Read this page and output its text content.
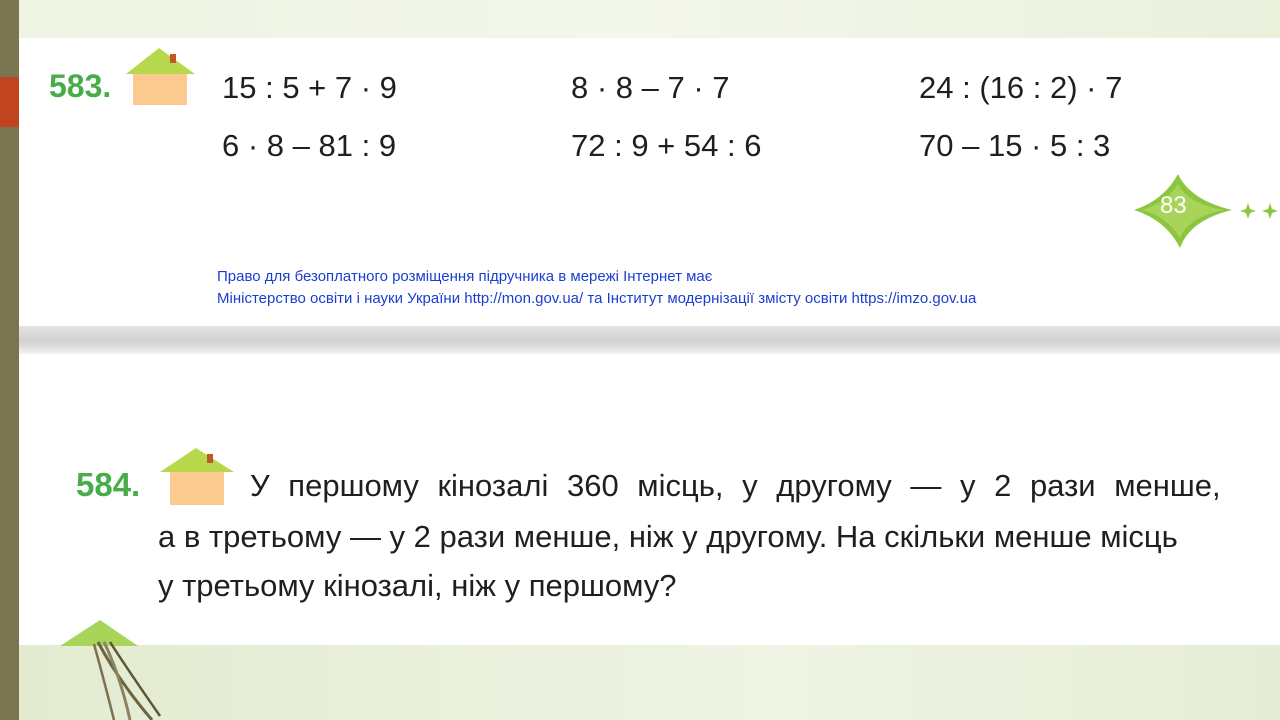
583.	15 : 5 + 7 · 9	8 · 8 – 7 · 7	24 : (16 : 2) · 7
6 · 8 – 81 : 9	72 : 9 + 54 : 6	70 – 15 · 5 : 3
83
Право для безоплатного розміщення підручника в мережі Інтернет має
Міністерство освіти і науки України http://mon.gov.ua/ та Інститут модернізації змісту освіти https://imzo.gov.ua
584.	У першому кінозалі 360 місць, у другому — у 2 рази менше,
а в третьому — у 2 рази менше, ніж у другому. На скільки менше місць
у третьому кінозалі, ніж у першому?
